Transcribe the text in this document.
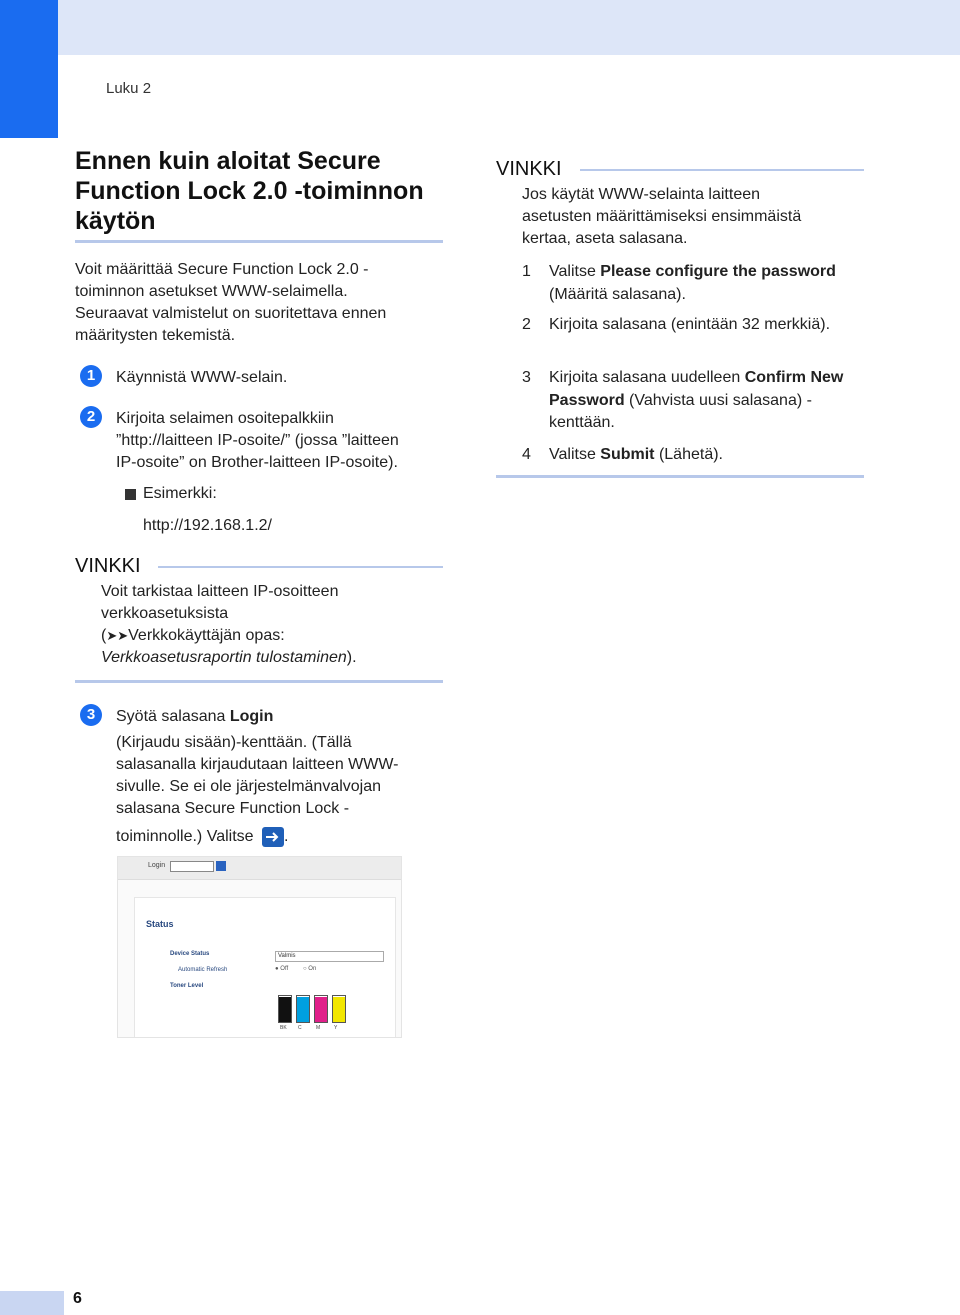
Luku 2
Ennen kuin aloitat Secure Function Lock 2.0 -toiminnon käytön
Voit määrittää Secure Function Lock 2.0 -
toiminnon asetukset WWW-selaimella.
Seuraavat valmistelut on suoritettava ennen
määritysten tekemistä.
1	Käynnistä WWW-selain.
2	Kirjoita selaimen osoitepalkkiin
”http://laitteen IP-osoite/” (jossa ”laitteen
IP-osoite” on Brother-laitteen IP-osoite).
Esimerkki:
http://192.168.1.2/
VINKKI
Voit tarkistaa laitteen IP-osoitteen
verkkoasetuksista
(➤➤Verkkokäyttäjän opas:
Verkkoasetusraportin tulostaminen).
3	Syötä salasana Login
(Kirjaudu sisään)-kenttään. (Tällä
salasanalla kirjaudutaan laitteen WWW-
sivulle. Se ei ole järjestelmänvalvojan
salasana Secure Function Lock -
toiminnolle.) Valitse
.
Login
Status
Device Status
Automatic Refresh
Toner Level
Valmis
● Off ○ On
BK C	M	Y
VINKKI
Jos käytät WWW-selainta laitteen
asetusten määrittämiseksi ensimmäistä
kertaa, aseta salasana.
1 Valitse Please configure the password (Määritä salasana).
2 Kirjoita salasana (enintään 32 merkkiä).
3 Kirjoita salasana uudelleen Confirm New Password (Vahvista uusi salasana) -kenttään.
4 Valitse Submit (Lähetä).
6
